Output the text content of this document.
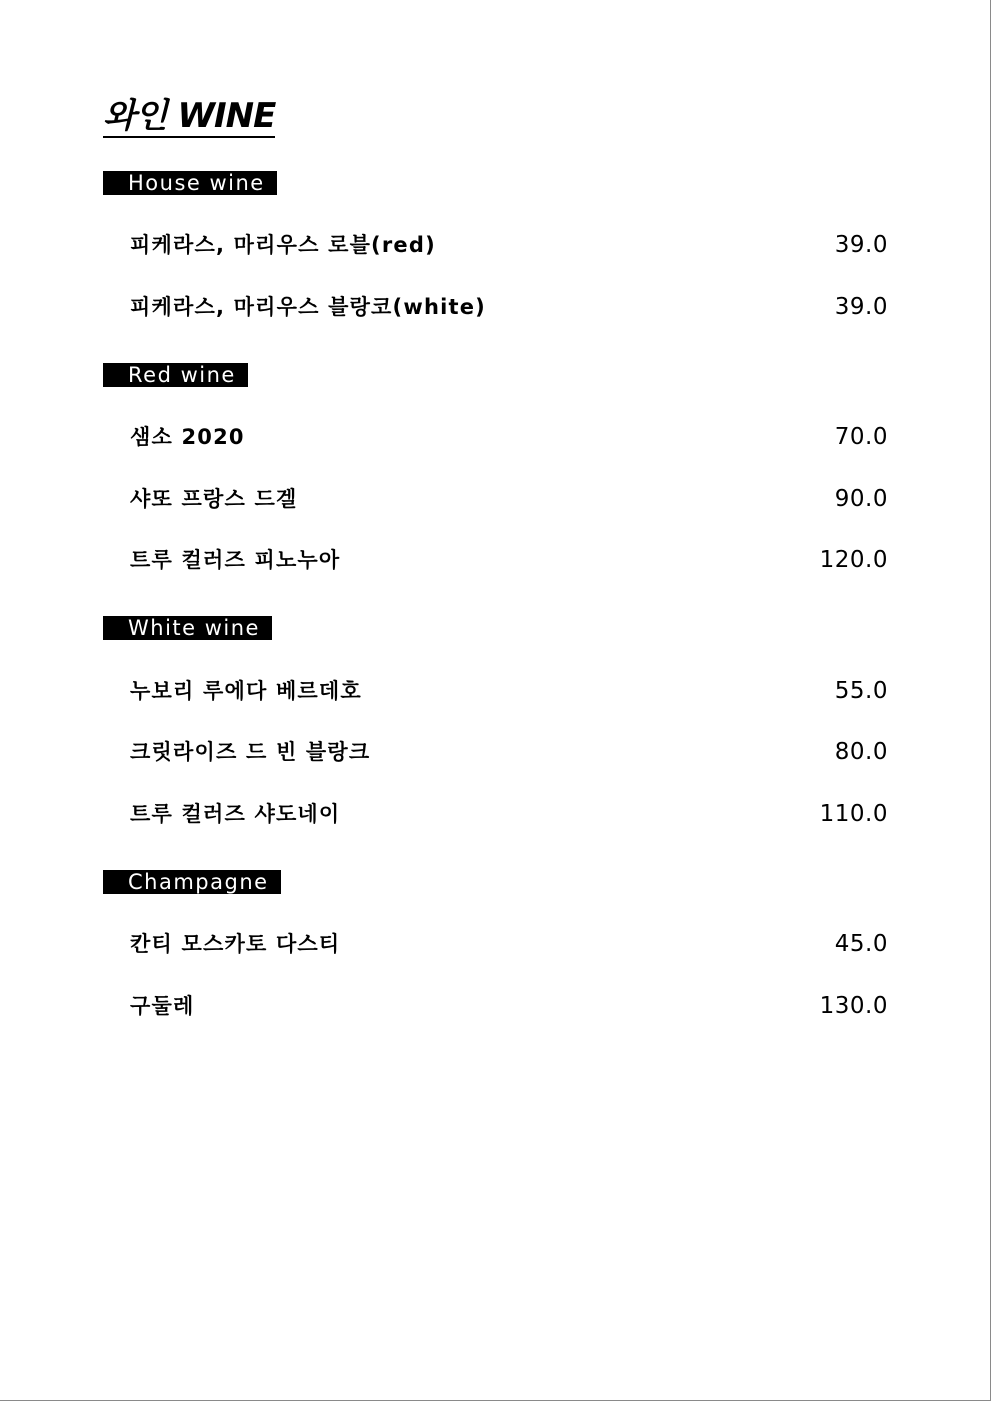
와인 WINE
House wine
피케라스, 마리우스 로블(red)	39.0
피케라스, 마리우스 블랑코(white)	39.0
Red wine
샘소 2020	70.0
샤또 프랑스 드겔	90.0
트루 컬러즈 피노누아	120.0
White wine
누보리 루에다 베르데호	55.0
크릿라이즈 드 빈 블랑크	80.0
트루 컬러즈 샤도네이	110.0
Champagne
칸티 모스카토 다스티	45.0
구둘레	130.0
